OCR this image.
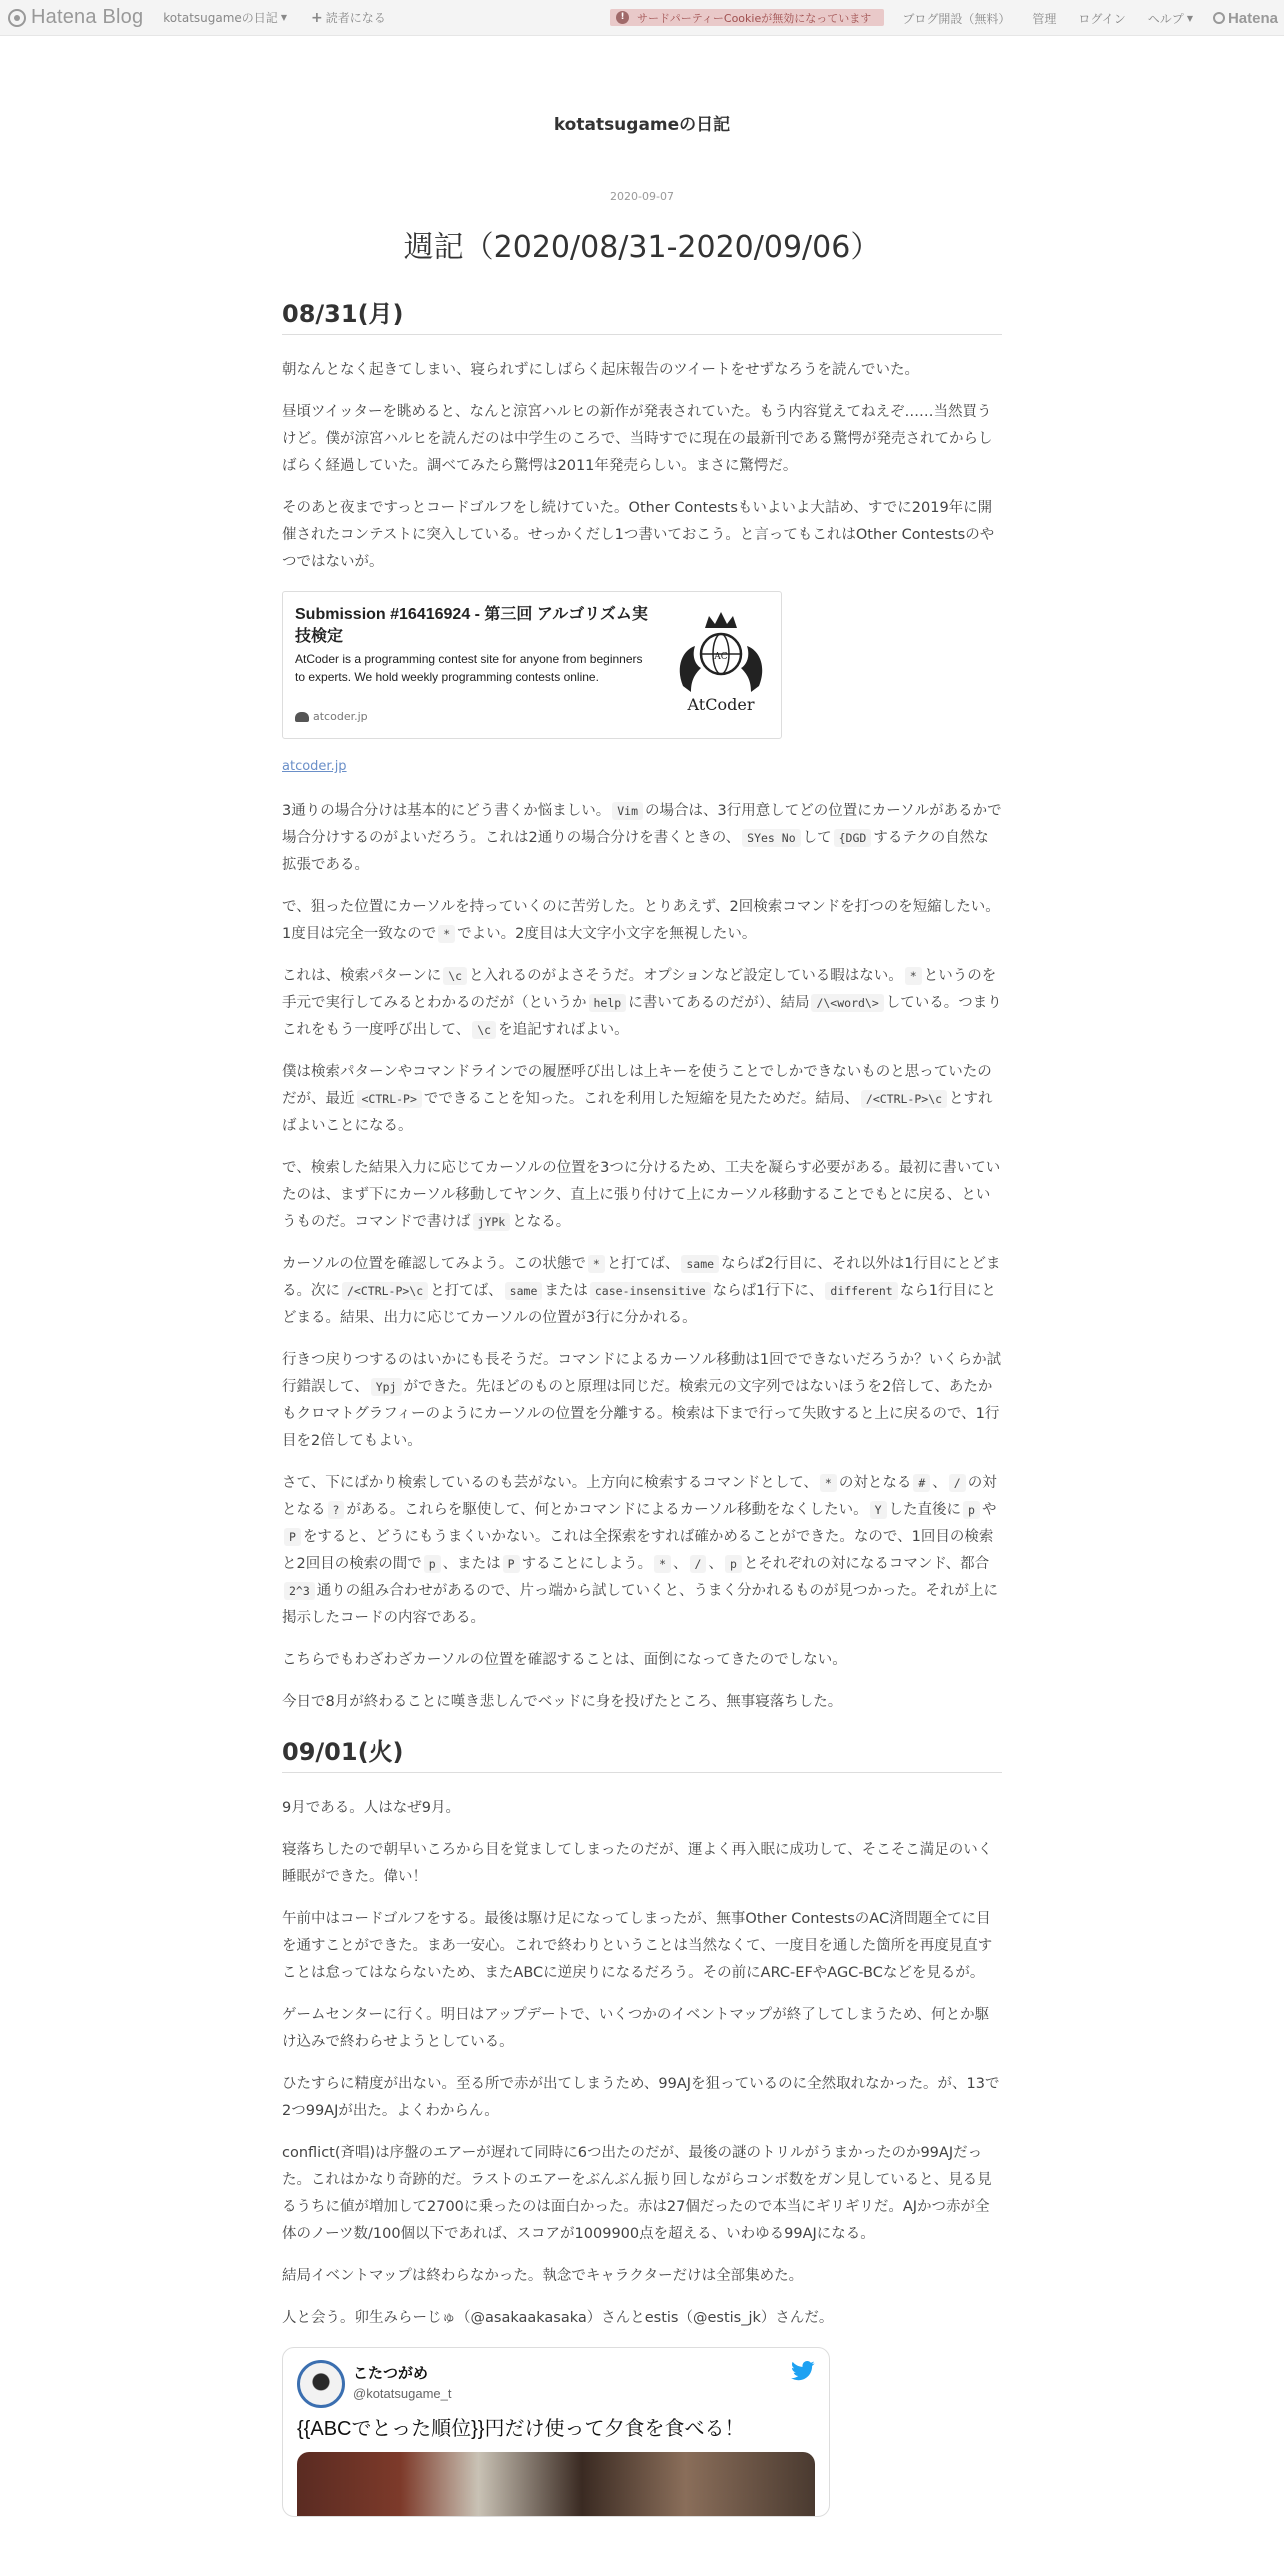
Hatena Blog kotatsugameの日記 ▼ + 読者になる	!	サードパーティーCookieが無効になっています	ブログ開設（無料） 管理 ログイン ヘルプ ▼ Hatena
kotatsugameの日記
2020-09-07
週記（2020/08/31-2020/09/06）
08/31(月)

朝なんとなく起きてしまい、寝られずにしばらく起床報告のツイートをせずなろうを読んでいた。

昼頃ツイッターを眺めると、なんと涼宮ハルヒの新作が発表されていた。もう内容覚えてねえぞ……当然買うけど。僕が涼宮ハルヒを読んだのは中学生のころで、当時すでに現在の最新刊である驚愕が発売されてからしばらく経過していた。調べてみたら驚愕は2011年発売らしい。まさに驚愕だ。

そのあと夜まですっとコードゴルフをし続けていた。Other Contestsもいよいよ大詰め、すでに2019年に開催されたコンテストに突入している。せっかくだし1つ書いておこう。と言ってもこれはOther Contestsのやつではないが。

Submission #16416924 - 第三回 アルゴリズム実技検定
AtCoder is a programming contest site for anyone from beginners to experts. We hold weekly programming contests online.
atcoder.jp
AC
AtCoder
atcoder.jp

3通りの場合分けは基本的にどう書くか悩ましい。 Vim の場合は、3行用意してどの位置にカーソルがあるかで場合分けするのがよいだろう。これは2通りの場合分けを書くときの、 SYes No して {DGD するテクの自然な拡張である。

で、狙った位置にカーソルを持っていくのに苦労した。とりあえず、2回検索コマンドを打つのを短縮したい。1度目は完全一致なので * でよい。2度目は大文字小文字を無視したい。

これは、検索パターンに \c と入れるのがよさそうだ。オプションなど設定している暇はない。 * というのを手元で実行してみるとわかるのだが（というか help に書いてあるのだが）、結局 /\<word\> している。つまりこれをもう一度呼び出して、 \c を追記すればよい。

僕は検索パターンやコマンドラインでの履歴呼び出しは上キーを使うことでしかできないものと思っていたのだが、最近 <CTRL-P> でできることを知った。これを利用した短縮を見たためだ。結局、 /<CTRL-P>\c とすればよいことになる。

で、検索した結果入力に応じてカーソルの位置を3つに分けるため、工夫を凝らす必要がある。最初に書いていたのは、まず下にカーソル移動してヤンク、直上に張り付けて上にカーソル移動することでもとに戻る、というものだ。コマンドで書けば jYPk となる。

カーソルの位置を確認してみよう。この状態で * と打てば、 same ならば2行目に、それ以外は1行目にとどまる。次に /<CTRL-P>\c と打てば、 same または case-insensitive ならば1行下に、 different なら1行目にとどまる。結果、出力に応じてカーソルの位置が3行に分かれる。

行きつ戻りつするのはいかにも長そうだ。コマンドによるカーソル移動は1回でできないだろうか？いくらか試行錯誤して、 Ypj ができた。先ほどのものと原理は同じだ。検索元の文字列ではないほうを2倍して、あたかもクロマトグラフィーのようにカーソルの位置を分離する。検索は下まで行って失敗すると上に戻るので、1行目を2倍してもよい。

さて、下にばかり検索しているのも芸がない。上方向に検索するコマンドとして、 * の対となる # 、 / の対となる ? がある。これらを駆使して、何とかコマンドによるカーソル移動をなくしたい。 Y した直後に p やP をすると、どうにもうまくいかない。これは全探索をすれば確かめることができた。なので、1回目の検索と2回目の検索の間で p 、または P することにしよう。 * 、 / 、 p とそれぞれの対になるコマンド、都合2^3 通りの組み合わせがあるので、片っ端から試していくと、うまく分かれるものが見つかった。それが上に掲示したコードの内容である。

こちらでもわざわざカーソルの位置を確認することは、面倒になってきたのでしない。

今日で8月が終わることに嘆き悲しんでベッドに身を投げたところ、無事寝落ちした。

09/01(火)

9月である。人はなぜ9月。

寝落ちしたので朝早いころから目を覚ましてしまったのだが、運よく再入眠に成功して、そこそこ満足のいく睡眠ができた。偉い！

午前中はコードゴルフをする。最後は駆け足になってしまったが、無事Other ContestsのAC済問題全てに目を通すことができた。まあ一安心。これで終わりということは当然なくて、一度目を通した箇所を再度見直すことは怠ってはならないため、またABCに逆戻りになるだろう。その前にARC-EFやAGC-BCなどを見るが。

ゲームセンターに行く。明日はアップデートで、いくつかのイベントマップが終了してしまうため、何とか駆け込みで終わらせようとしている。

ひたすらに精度が出ない。至る所で赤が出てしまうため、99AJを狙っているのに全然取れなかった。が、13で2つ99AJが出た。よくわからん。

conflict(斉唱)は序盤のエアーが遅れて同時に6つ出たのだが、最後の謎のトリルがうまかったのか99AJだった。これはかなり奇跡的だ。ラストのエアーをぶんぶん振り回しながらコンボ数をガン見していると、見る見るうちに値が増加して2700に乗ったのは面白かった。赤は27個だったので本当にギリギリだ。AJかつ赤が全体のノーツ数/100個以下であれば、スコアが1009900点を超える、いわゆる99AJになる。

結局イベントマップは終わらなかった。執念でキャラクターだけは全部集めた。

人と会う。卯生みらーじゅ（@asakaakasaka）さんとestis（@estis_jk）さんだ。

こたつがめ
@kotatsugame_t
{{ABCでとった順位}}円だけ使って夕食を食べる！
